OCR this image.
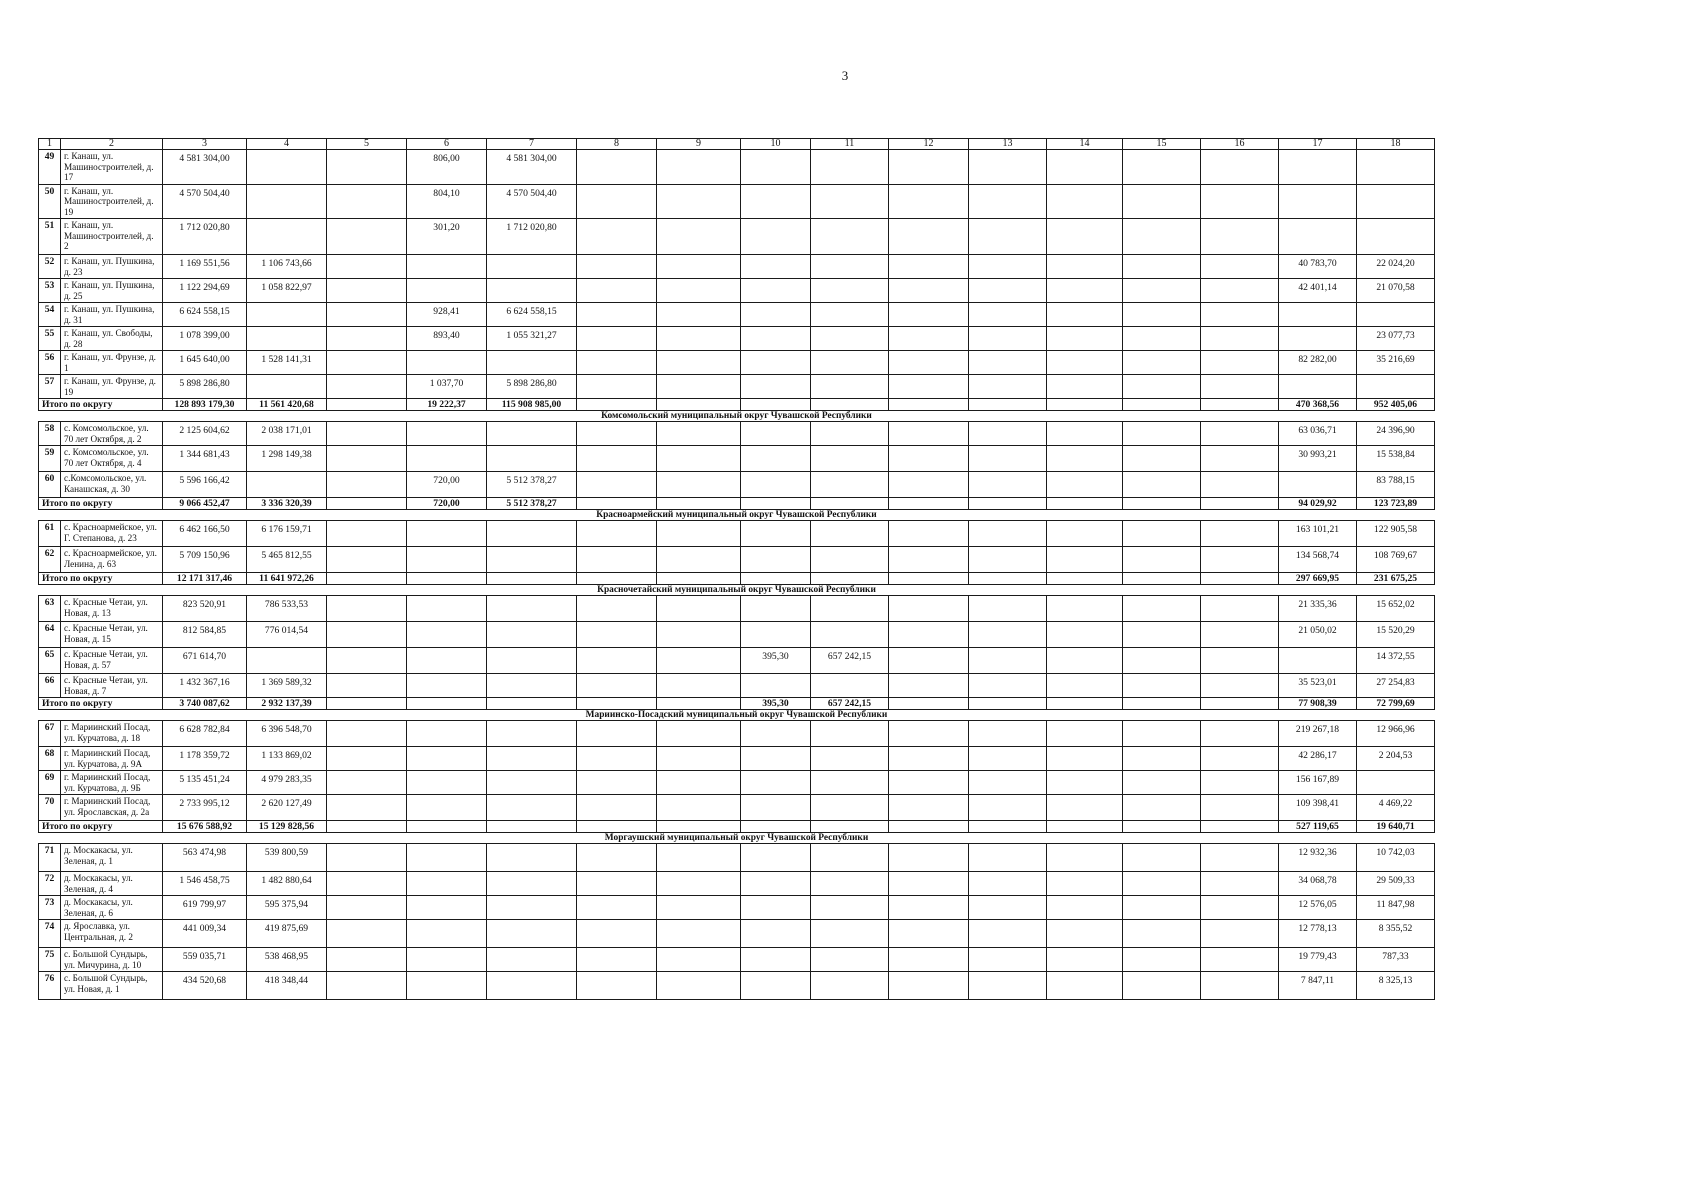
3
1	2	3	4	5	6	7	8	9	10	11	12	13	14	15	16	17	18
49	г. Канаш, ул. Машиностроителей, д. 17	4 581 304,00			806,00	4 581 304,00											
50	г. Канаш, ул. Машиностроителей, д. 19	4 570 504,40			804,10	4 570 504,40											
51	г. Канаш, ул. Машиностроителей, д. 2	1 712 020,80			301,20	1 712 020,80											
52	г. Канаш, ул. Пушкина, д. 23	1 169 551,56	1 106 743,66													40 783,70	22 024,20
53	г. Канаш, ул. Пушкина, д. 25	1 122 294,69	1 058 822,97													42 401,14	21 070,58
54	г. Канаш, ул. Пушкина, д. 31	6 624 558,15			928,41	6 624 558,15											
55	г. Канаш, ул. Свободы, д. 28	1 078 399,00			893,40	1 055 321,27											23 077,73
56	г. Канаш, ул. Фрунзе, д. 1	1 645 640,00	1 528 141,31													82 282,00	35 216,69
57	г. Канаш, ул. Фрунзе, д. 19	5 898 286,80			1 037,70	5 898 286,80											
Итого по округу		128 893 179,30	11 561 420,68		19 222,37	115 908 985,00										470 368,56	952 405,06
Комсомольский муниципальный округ Чувашской Республики																	
58	с. Комсомольское, ул. 70 лет Октября, д. 2	2 125 604,62	2 038 171,01													63 036,71	24 396,90
59	с. Комсомольское, ул. 70 лет Октября, д. 4	1 344 681,43	1 298 149,38													30 993,21	15 538,84
60	с.Комсомольское, ул. Канашская, д. 30	5 596 166,42			720,00	5 512 378,27											83 788,15
Итого по округу		9 066 452,47	3 336 320,39		720,00	5 512 378,27										94 029,92	123 723,89
Красноармейский муниципальный округ Чувашской Республики																	
61	с. Красноармейское, ул. Г. Степанова, д. 23	6 462 166,50	6 176 159,71													163 101,21	122 905,58
62	с. Красноармейское, ул. Ленина, д. 63	5 709 150,96	5 465 812,55													134 568,74	108 769,67
Итого по округу		12 171 317,46	11 641 972,26													297 669,95	231 675,25
Красночетайский муниципальный округ Чувашской Республики																	
63	с. Красные Четаи, ул. Новая, д. 13	823 520,91	786 533,53													21 335,36	15 652,02
64	с. Красные Четаи, ул. Новая, д. 15	812 584,85	776 014,54													21 050,02	15 520,29
65	с. Красные Четаи, ул. Новая, д. 57	671 614,70							395,30	657 242,15							14 372,55
66	с. Красные Четаи, ул. Новая, д. 7	1 432 367,16	1 369 589,32													35 523,01	27 254,83
Итого по округу		3 740 087,62	2 932 137,39						395,30	657 242,15						77 908,39	72 799,69
Мариинско-Посадский муниципальный округ Чувашской Республики																	
67	г. Мариинский Посад, ул. Курчатова, д. 18	6 628 782,84	6 396 548,70													219 267,18	12 966,96
68	г. Мариинский Посад, ул. Курчатова, д. 9А	1 178 359,72	1 133 869,02													42 286,17	2 204,53
69	г. Мариинский Посад, ул. Курчатова, д. 9Б	5 135 451,24	4 979 283,35													156 167,89	
70	г. Мариинский Посад, ул. Ярославская, д. 2а	2 733 995,12	2 620 127,49													109 398,41	4 469,22
Итого по округу		15 676 588,92	15 129 828,56													527 119,65	19 640,71
Моргаушский муниципальный округ Чувашской Республики																	
71	д. Москакасы, ул. Зеленая, д. 1	563 474,98	539 800,59													12 932,36	10 742,03
72	д. Москакасы, ул. Зеленая, д. 4	1 546 458,75	1 482 880,64													34 068,78	29 509,33
73	д. Москакасы, ул. Зеленая, д. 6	619 799,97	595 375,94													12 576,05	11 847,98
74	д. Ярославка, ул. Центральная, д. 2	441 009,34	419 875,69													12 778,13	8 355,52
75	с. Большой Сундырь, ул. Мичурина, д. 10	559 035,71	538 468,95													19 779,43	787,33
76	с. Большой Сундырь, ул. Новая, д. 1	434 520,68	418 348,44													7 847,11	8 325,13
